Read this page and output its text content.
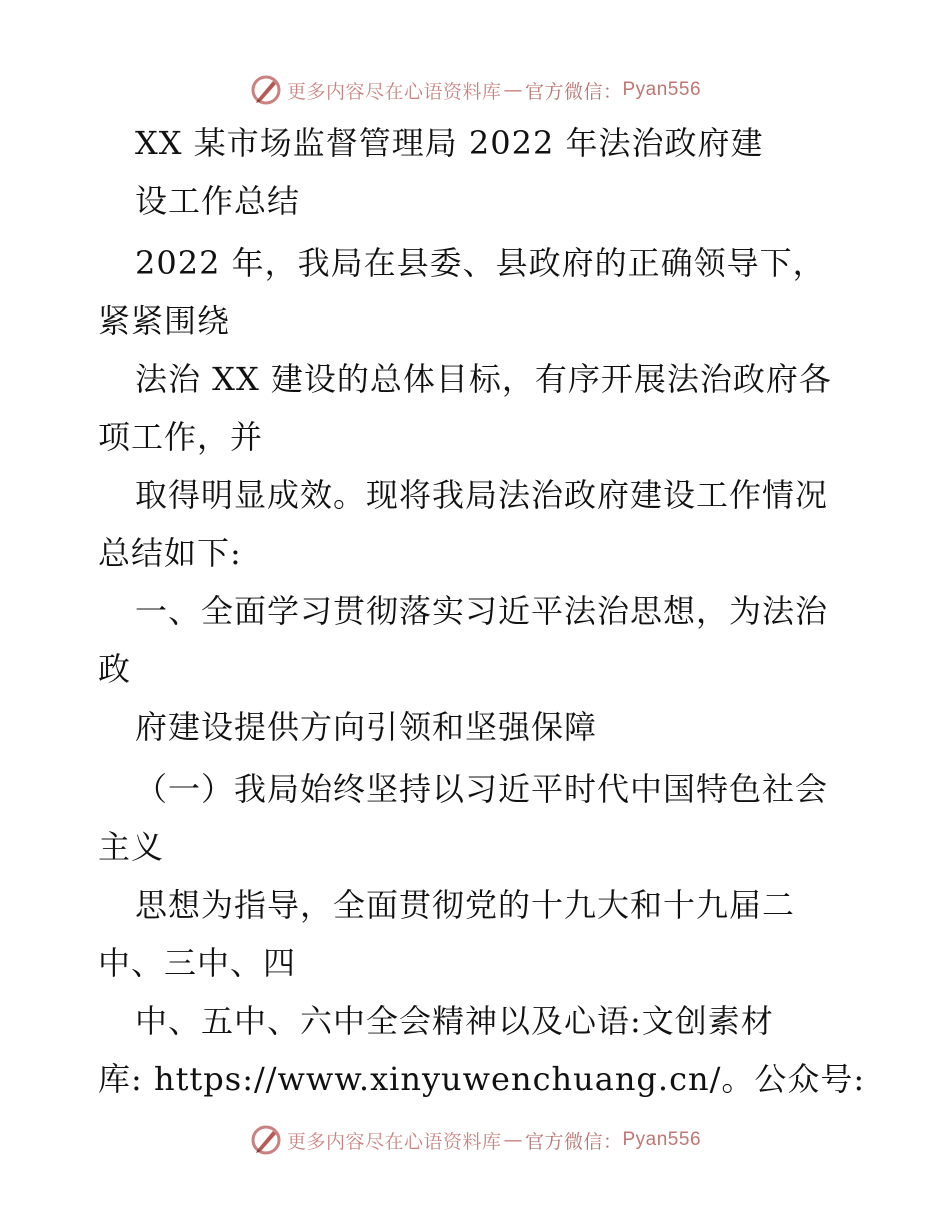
更多内容尽在心语资料库 — 官方微信： Pyan556
XX 某市场监督管理局 2022 年法治政府建
设工作总结
2022 年，我局在县委、县政府的正确领导下，
紧紧围绕
法治 XX 建设的总体目标，有序开展法治政府各
项工作，并
取得明显成效。现将我局法治政府建设工作情况
总结如下:
一、全面学习贯彻落实习近平法治思想，为法治
政
府建设提供方向引领和坚强保障
（一）我局始终坚持以习近平时代中国特色社会
主义
思想为指导，全面贯彻党的十九大和十九届二
中、三中、四
中、五中、六中全会精神以及心语:文创素材
库: https://www.xinyuwenchuang.cn/。公众号:
更多内容尽在心语资料库 — 官方微信： Pyan556
